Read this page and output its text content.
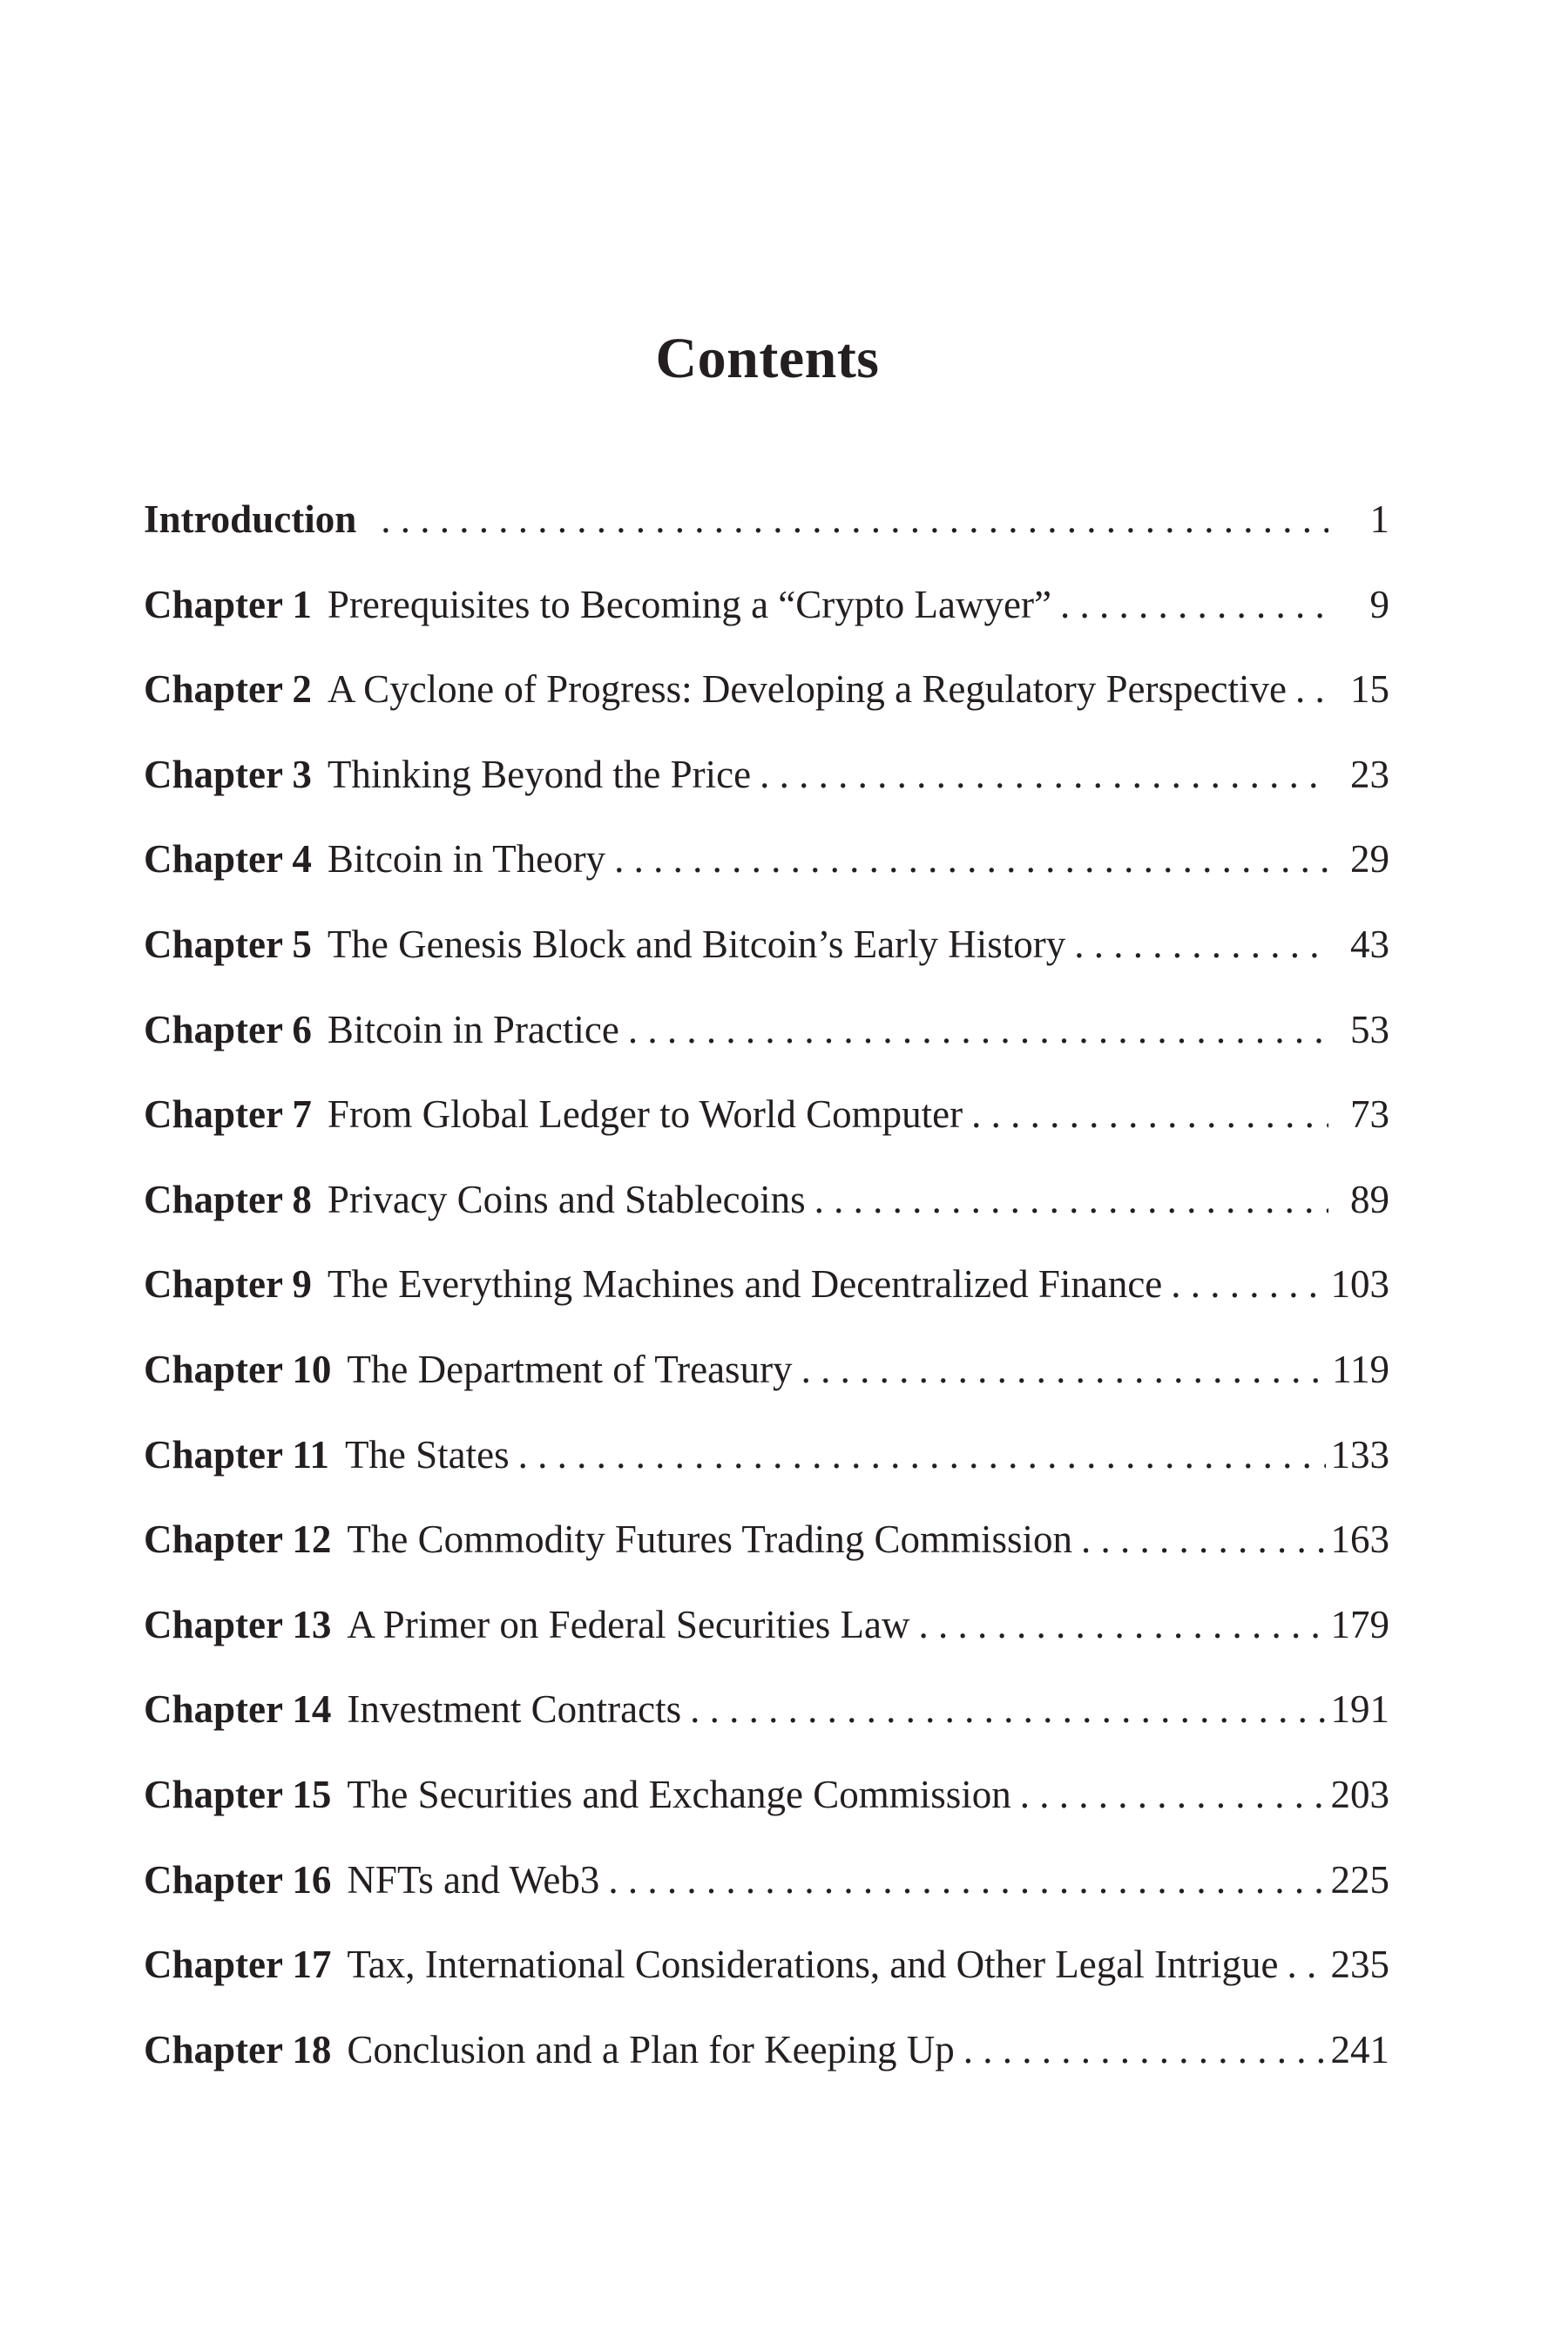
Contents
Introduction . . .	1
Chapter 1 Prerequisites to Becoming a “Crypto Lawyer” . . .	9
Chapter 2 A Cyclone of Progress: Developing a Regulatory Perspective . . .	15
Chapter 3 Thinking Beyond the Price . . .	23
Chapter 4 Bitcoin in Theory . . .	29
Chapter 5 The Genesis Block and Bitcoin’s Early History . . .	43
Chapter 6 Bitcoin in Practice . . .	53
Chapter 7 From Global Ledger to World Computer . . .	73
Chapter 8 Privacy Coins and Stablecoins . . .	89
Chapter 9 The Everything Machines and Decentralized Finance . . .	103
Chapter 10 The Department of Treasury . . .	119
Chapter 11 The States . . .	133
Chapter 12 The Commodity Futures Trading Commission . . .	163
Chapter 13 A Primer on Federal Securities Law . . .	179
Chapter 14 Investment Contracts . . .	191
Chapter 15 The Securities and Exchange Commission . . .	203
Chapter 16 NFTs and Web3 . . .	225
Chapter 17 Tax, International Considerations, and Other Legal Intrigue . . . 235
Chapter 18 Conclusion and a Plan for Keeping Up . . .	241
